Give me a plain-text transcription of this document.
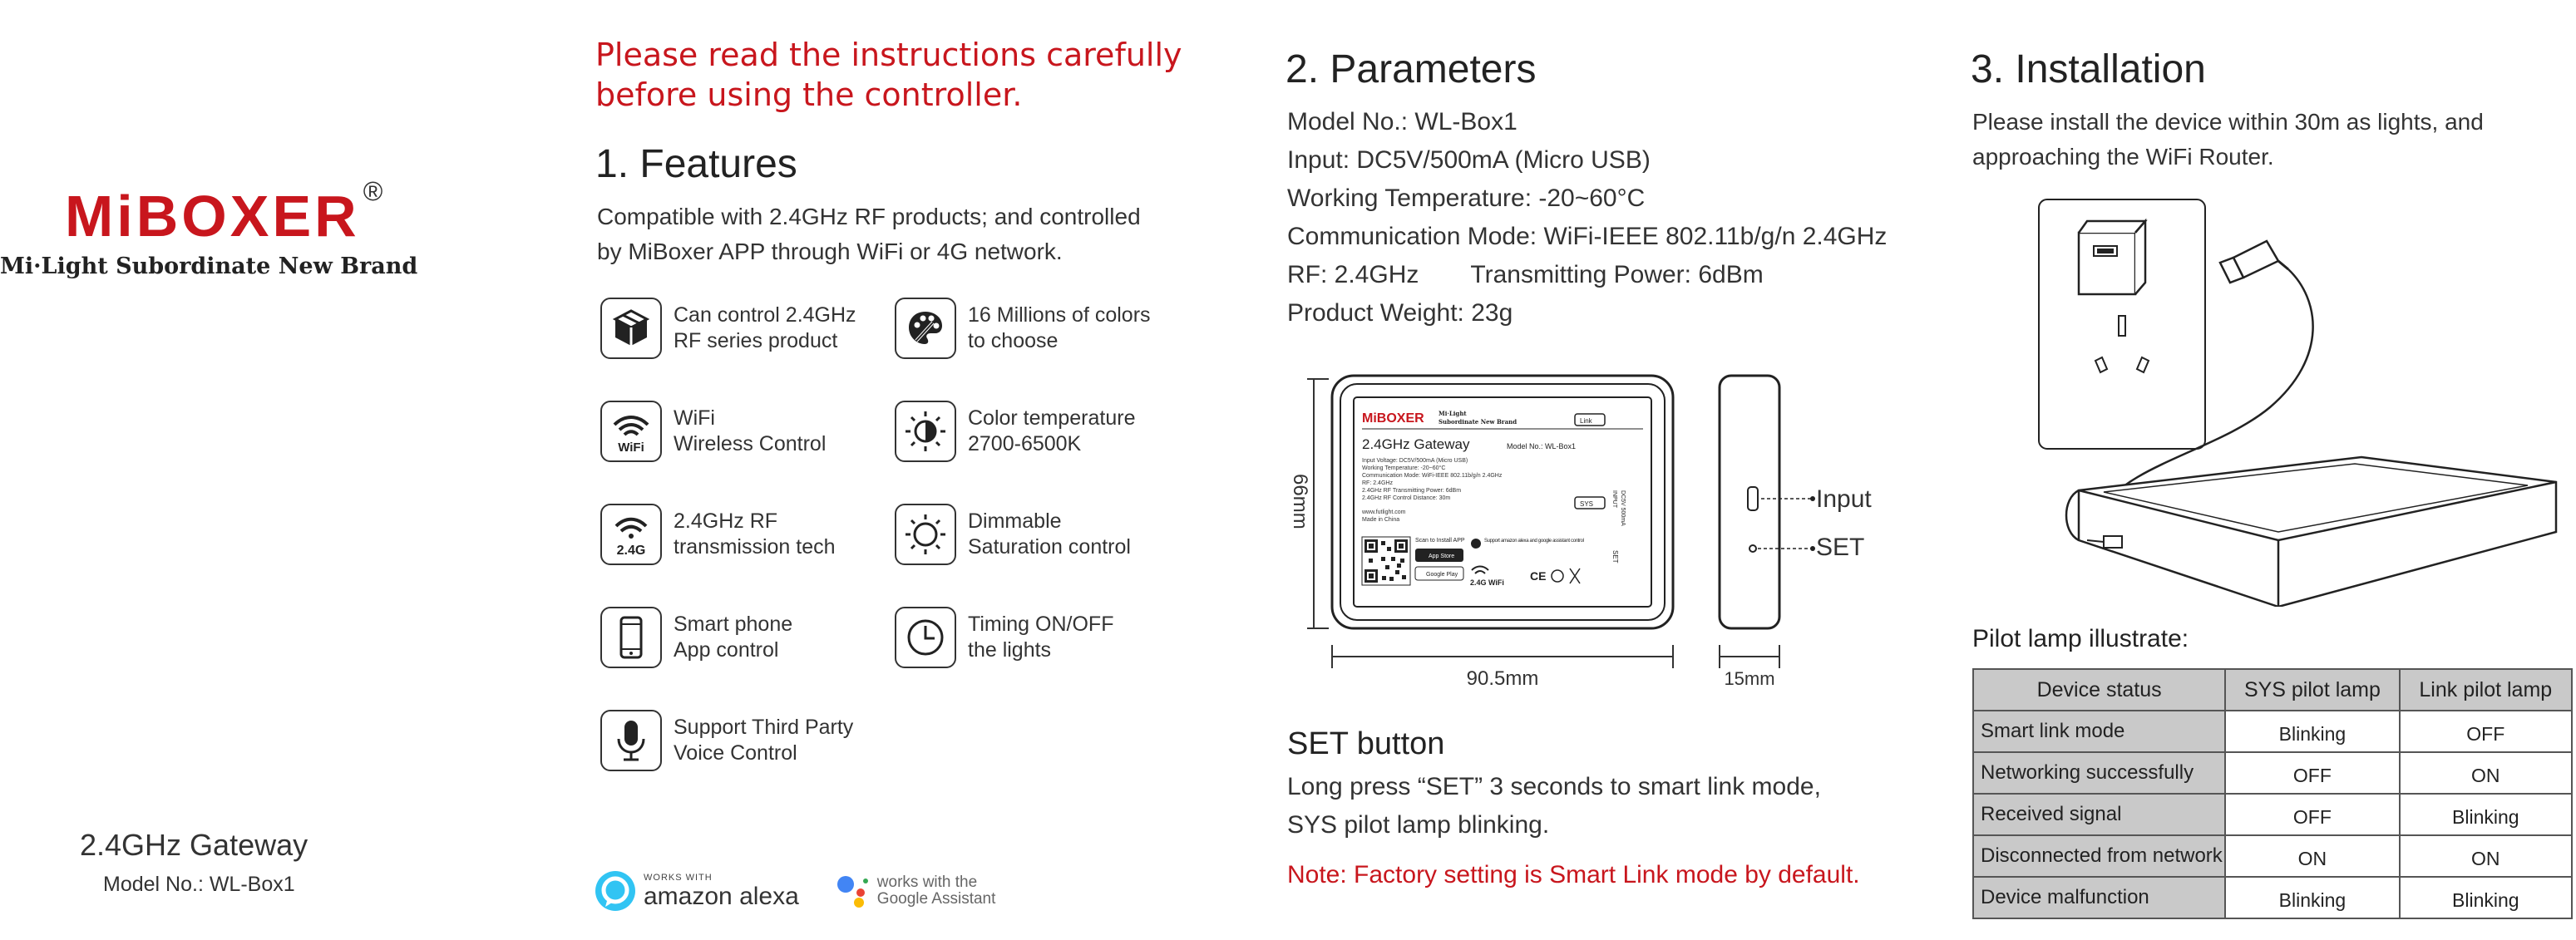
MiBOXER ®
Mi·Light Subordinate New Brand
2.4GHz Gateway
Model No.: WL-Box1
Please read the instructions carefully
before using the controller.
1. Features
Compatible with 2.4GHz RF products; and controlled
by MiBoxer APP through WiFi or 4G network.
Can control 2.4GHz
RF series product
16 Millions of colors
to choose
WiFi
WiFi
Wireless Control
Color temperature
2700-6500K
2.4G
2.4GHz RF
transmission tech
Dimmable
Saturation control
Smart phone
App control
Timing ON/OFF
the lights
Support Third Party
Voice Control
WORKS WITH
amazon alexa	works with the
Google Assistant
2. Parameters
Model No.: WL-Box1
Input: DC5V/500mA (Micro USB)
Working Temperature: -20~60°C
Communication Mode: WiFi-IEEE 802.11b/g/n 2.4GHz
RF: 2.4GHz Transmitting Power: 6dBm
Product Weight: 23g
66mm
MiBOXER Mi·Light
Subordinate New Brand	Link
2.4GHz Gateway	Model No.: WL-Box1
Input Voltage: DC5V/500mA (Micro USB)
Working Temperature: -20~60°C
Communication Mode: WiFi-IEEE 802.11b/g/n 2.4GHz
RF: 2.4GHz
2.4GHz RF Transmitting Power: 6dBm
2.4GHz RF Control Distance: 30m
www.futlight.com
Made in China
SYS	INPUT DC5V 500mA
SET
Scan to Install APP
App Store
Google Play
Support amazon alexa and google assistant control
2.4G WiFi CE
90.5mm	15mm
Input
SET
SET button
Long press “SET” 3 seconds to smart link mode,
SYS pilot lamp blinking.
Note: Factory setting is Smart Link mode by default.
3. Installation
Please install the device within 30m as lights, and
approaching the WiFi Router.
Pilot lamp illustrate:
Device status	SYS pilot lamp	Link pilot lamp
Smart link mode	Blinking	OFF
Networking successfully	OFF	ON
Received signal	OFF	Blinking
Disconnected from network	ON	ON
Device malfunction	Blinking	Blinking
